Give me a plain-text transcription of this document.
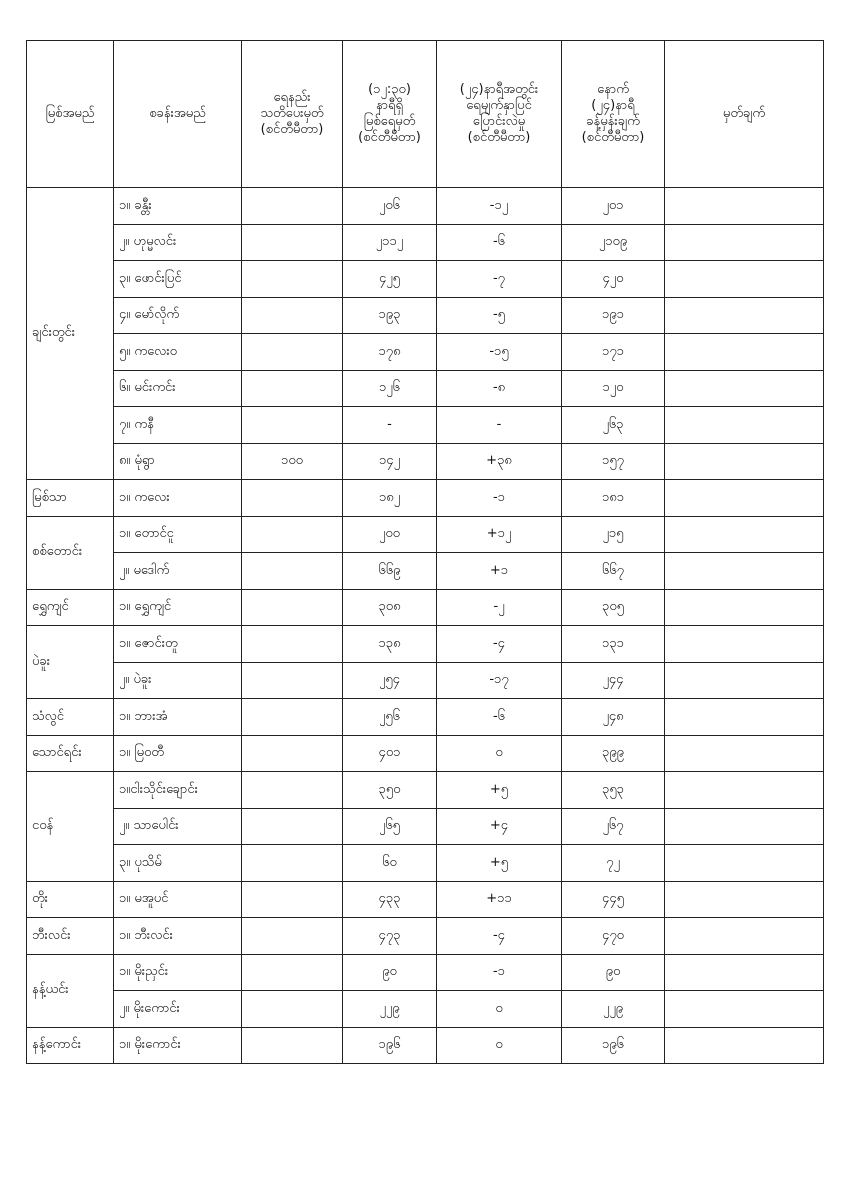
မြစ်အမည်	စခန်းအမည်	ရေနည်း
သတိပေးမှတ်
(စင်တီမီတာ)	(၁၂:၃၀)
နာရီရှိ
မြစ်ရေမှတ်
(စင်တီမီတာ)	(၂၄)နာရီအတွင်း
ရေမျက်နှာပြင်
ပြောင်းလဲမှု
(စင်တီမီတာ)	နောက်
(၂၄)နာရီ
ခန့်မှန်းချက်
(စင်တီမီတာ)	မှတ်ချက်
ချင်းတွင်း	၁။ ခန္တီး		၂၀၆	-၁၂	၂၀၁	
	၂။ ဟုမ္မလင်း		၂၁၁၂	-၆	၂၁၀၉	
	၃။ ဖောင်းပြင်		၄၂၅	-၇	၄၂၀	
	၄။ မော်လိုက်		၁၉၃	-၅	၁၉၁	
	၅။ ကလေးဝ		၁၇၈	-၁၅	၁၇၁	
	၆။ မင်းကင်း		၁၂၆	-၈	၁၂၀	
	၇။ ကနီ		-	-	၂၆၃	
	၈။ မုံရွာ	၁၀၀	၁၄၂	+၃၈	၁၅၇	
မြစ်သာ	၁။ ကလေး		၁၈၂	-၁	၁၈၁	
စစ်တောင်း	၁။ တောင်ငူ		၂၀၀	+၁၂	၂၁၅	
	၂။ မဒေါက်		၆၆၉	+၁	၆၆၇	
ရွှေကျင်	၁။ ရွှေကျင်		၃၀၈	-၂	၃၀၅	
ပဲခူး	၁။ ဇောင်းတူ		၁၃၈	-၄	၁၃၁	
	၂။ ပဲခူး		၂၅၄	-၁၇	၂၄၄	
သံလွင်	၁။ ဘားအံ		၂၅၆	-၆	၂၄၈	
သောင်ရင်း	၁။ မြဝတီ		၄၀၁	၀	၃၉၉	
ငဝန်	၁။ငါးသိုင်းချောင်း		၃၅၀	+၅	၃၅၃	
	၂။ သာပေါင်း		၂၆၅	+၄	၂၆၇	
	၃။ ပုသိမ်		၆၀	+၅	၇၂	
တိုး	၁။ မအူပင်		၄၃၃	+၁၁	၄၄၅	
ဘီးလင်း	၁။ ဘီးလင်း		၄၇၃	-၄	၄၇၀	
နန့်ယင်း	၁။ မိုးညှင်း		၉၀	-၁	၉၀	
	၂။ မိုးကောင်း		၂၂၉	၀	၂၂၉	
နန့်ကောင်း	၁။ မိုးကောင်း		၁၉၆	၀	၁၉၆	
